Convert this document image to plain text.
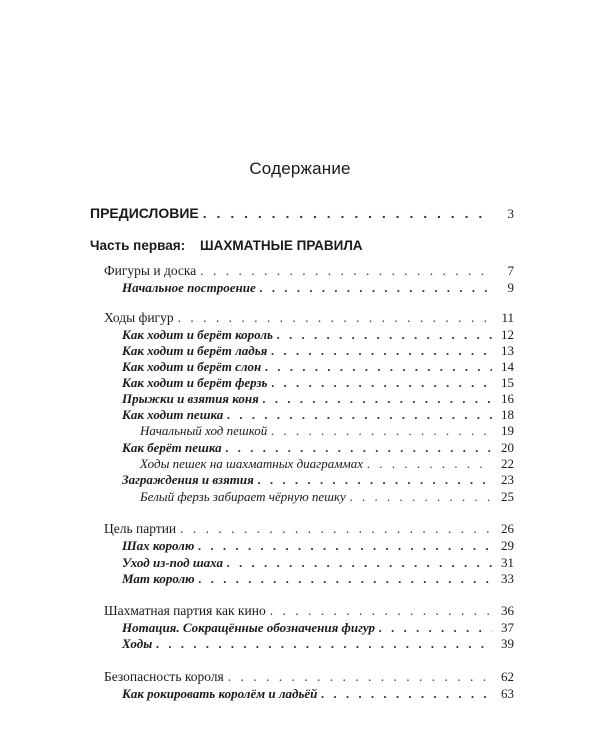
Содержание
ПРЕДИСЛОВИЕ . . .	3
Часть первая: ШАХМАТНЫЕ ПРАВИЛА
Фигуры и доска . . .	7
Начальное построение . . .	9
Ходы фигур . . .	11
Как ходит и берёт король . . .	12
Как ходит и берёт ладья . . .	13
Как ходит и берёт слон . . .	14
Как ходит и берёт ферзь . . .	15
Прыжки и взятия коня . . .	16
Как ходит пешка . . .	18
Начальный ход пешкой . . .	19
Как берёт пешка . . .	20
Ходы пешек на шахматных диаграммах . . .	22
Заграждения и взятия . . .	23
Белый ферзь забирает чёрную пешку . . .	25
Цель партии . . .	26
Шах королю . . .	29
Уход из-под шаха . . .	31
Мат королю . . .	33
Шахматная партия как кино . . .	36
Нотация. Сокращённые обозначения фигур . . .	37
Ходы . . .	39
Безопасность короля . . .	62
Как рокировать королём и ладьёй . . .	63
